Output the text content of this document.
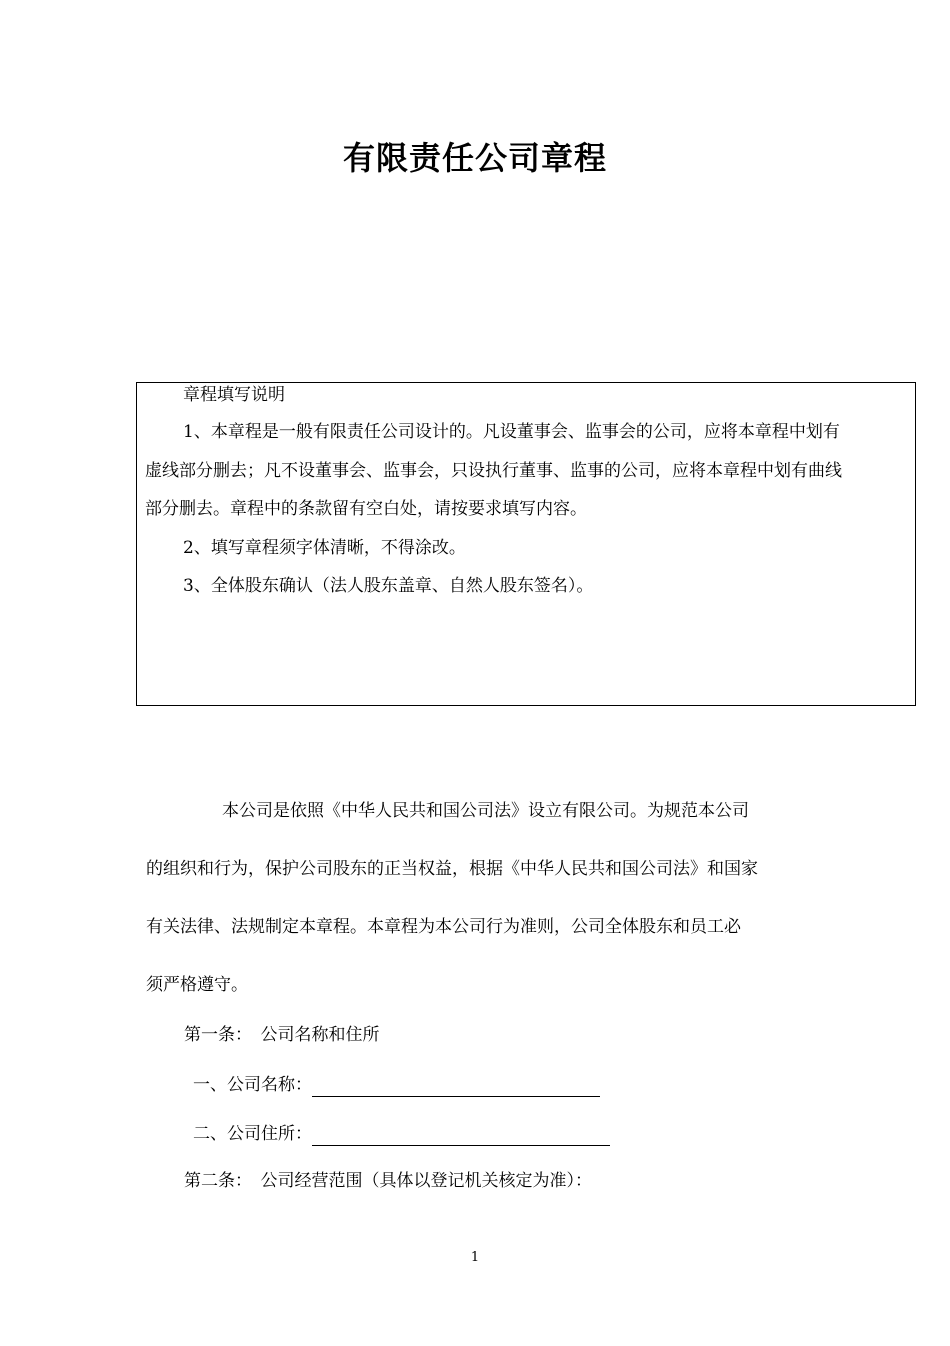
有限责任公司章程
章程填写说明
1、本章程是一般有限责任公司设计的。凡设董事会、监事会的公司，应将本章程中划有
虚线部分删去；凡不设董事会、监事会，只设执行董事、监事的公司，应将本章程中划有曲线
部分删去。章程中的条款留有空白处，请按要求填写内容。
2、填写章程须字体清晰，不得涂改。
3、全体股东确认（法人股东盖章、自然人股东签名）。
本公司是依照《中华人民共和国公司法》设立有限公司。为规范本公司
的组织和行为，保护公司股东的正当权益，根据《中华人民共和国公司法》和国家
有关法律、法规制定本章程。本章程为本公司行为准则，公司全体股东和员工必
须严格遵守。
第一条：　公司名称和住所
一、公司名称：
二、公司住所：
第二条：　公司经营范围（具体以登记机关核定为准）：
1
